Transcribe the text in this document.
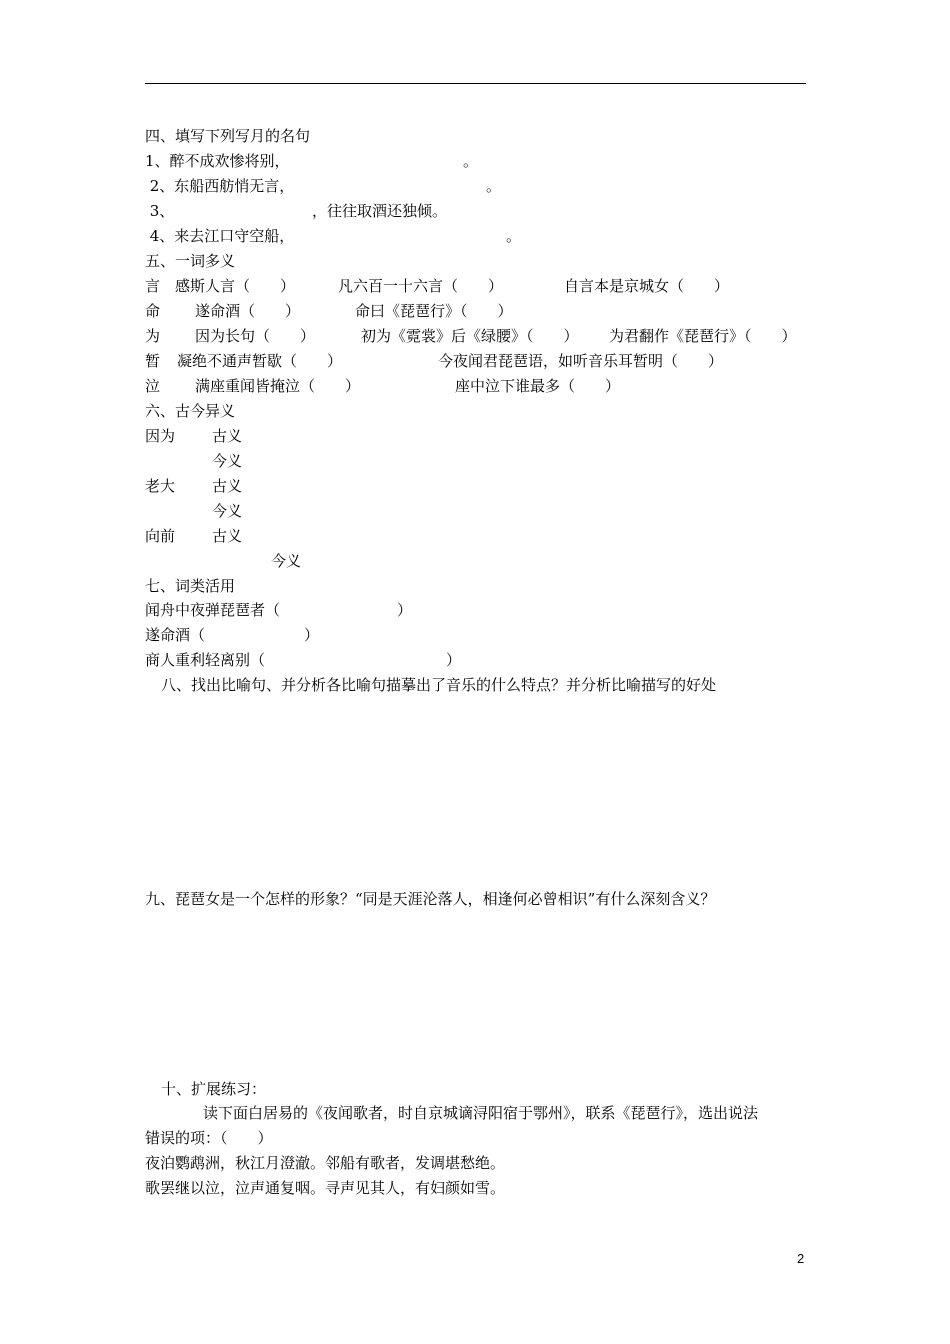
四、填写下列写月的名句
1、醉不成欢惨将别，	。
2、东船西舫悄无言，	。
3、	，往往取酒还独倾。
4、来去江口守空船，	。
五、一词多义
言 感斯人言（　　）	凡六百一十六言（　　）	自言本是京城女（　　）
命 遂命酒（　　）	命曰《琵琶行》（　　）
为 因为长句（　　）	初为《霓裳》后《绿腰》（　　） 为君翻作《琵琶行》（　　）
暂 凝绝不通声暂歇（　　）	今夜闻君琵琶语，如听音乐耳暂明（　　）
泣 满座重闻皆掩泣（　　）	座中泣下谁最多（　　）
六、古今异义
因为 古义
今义
老大 古义
今义
向前 古义
今义
七、词类活用
闻舟中夜弹琵琶者（	）
遂命酒（	）
商人重利轻离别（	）
八、找出比喻句、并分析各比喻句描摹出了音乐的什么特点？并分析比喻描写的好处
九、琵琶女是一个怎样的形象？“同是天涯沦落人，相逢何必曾相识”有什么深刻含义？
十、扩展练习：
读下面白居易的《夜闻歌者，时自京城谪浔阳宿于鄂州》，联系《琵琶行》，选出说法
错误的项：（　　）
夜泊鹦鹉洲，秋江月澄澈。邻船有歌者，发调堪愁绝。
歌罢继以泣，泣声通复咽。寻声见其人，有妇颜如雪。
2
